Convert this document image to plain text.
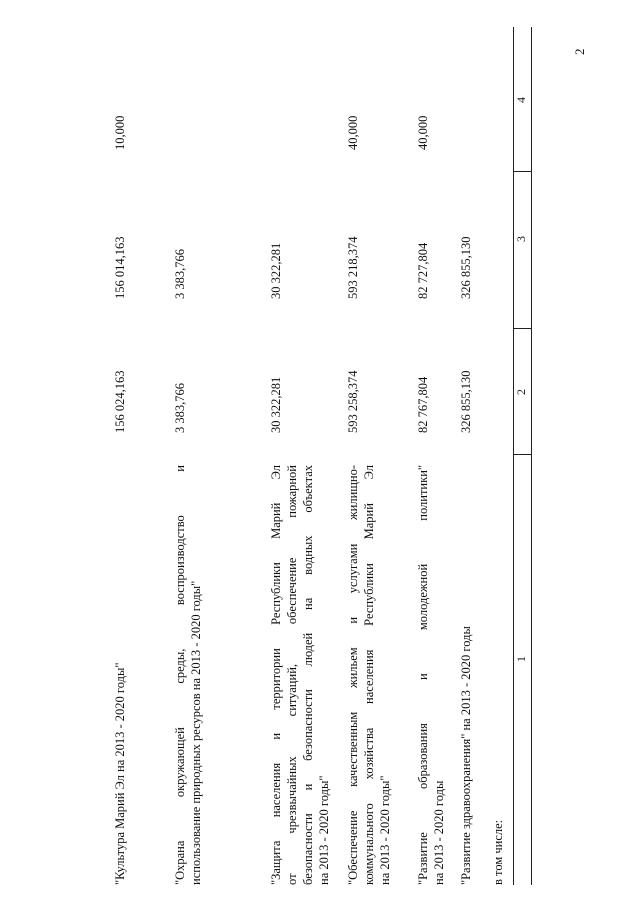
2
1
2
3
4
в том числе:
"Развитие здравоохранения" на 2013 - 2020 годы
326 855,130
326 855,130
"Развитие образования и молодежной политики" на 2013 - 2020 годы
82 767,804
82 727,804
40,000
"Обеспечение качественным жильем и услугами жилищно- коммунального хозяйства населения Республики Марий Эл на 2013 - 2020 годы"
593 258,374
593 218,374
40,000
"Защита населения и территории Республики Марий Эл от чрезвычайных ситуаций, обеспечение пожарной безопасности и безопасности людей на водных объектах на 2013 - 2020 годы"
30 322,281
30 322,281
"Охрана окружающей среды, воспроизводство и использование природных ресурсов на 2013 - 2020 годы"
3 383,766
3 383,766
"Культура Марий Эл на 2013 - 2020 годы"
156 024,163
156 014,163
10,000
